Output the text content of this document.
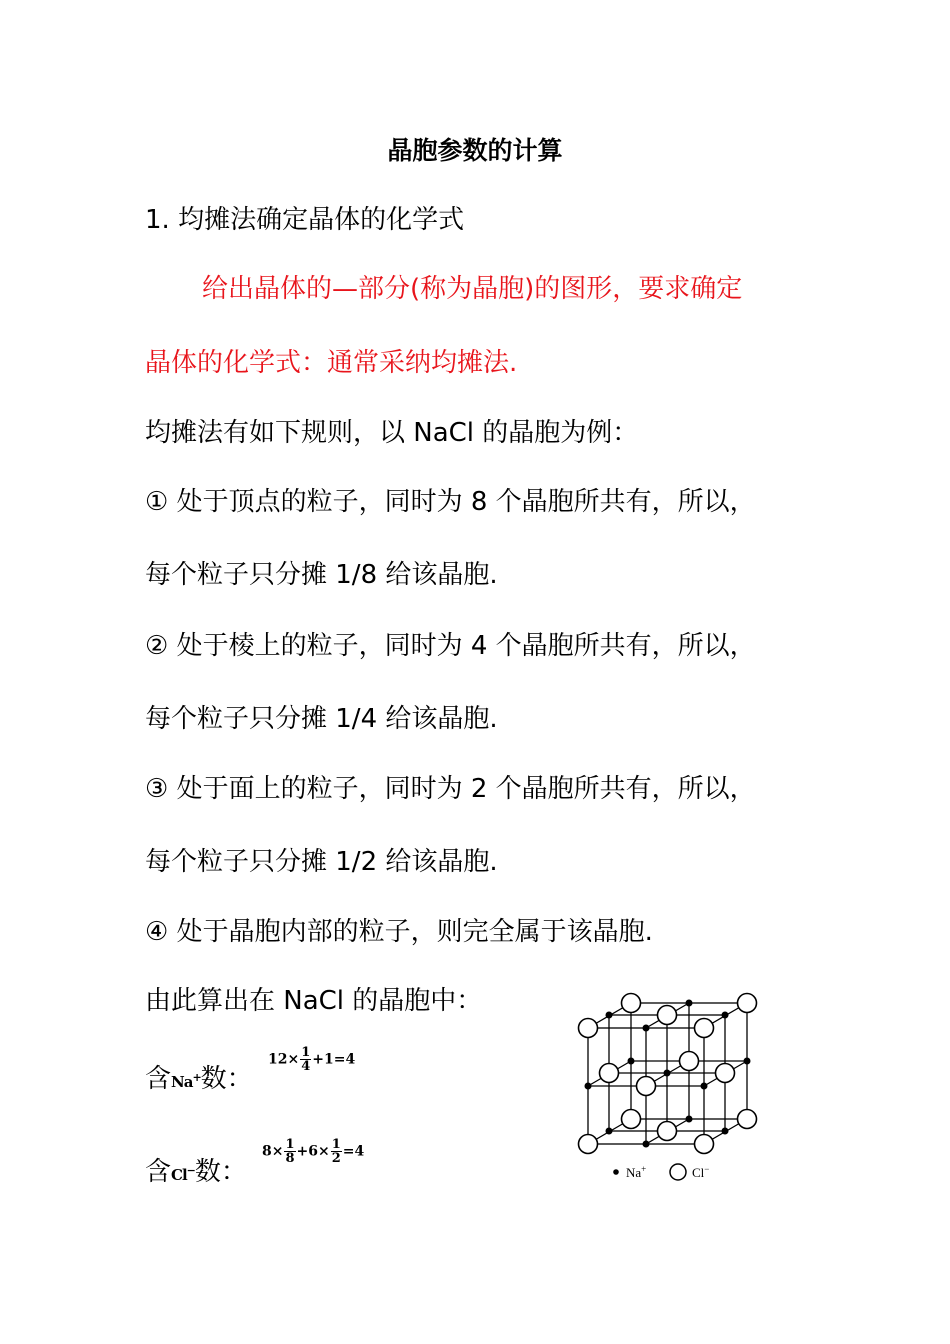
晶胞参数的计算
1. 均摊法确定晶体的化学式
给出晶体的—部分(称为晶胞)的图形，要求确定
晶体的化学式：通常采纳均摊法.
均摊法有如下规则，以 NaCl 的晶胞为例：
① 处于顶点的粒子，同时为 8 个晶胞所共有，所以，
每个粒子只分摊 1/8 给该晶胞.
② 处于棱上的粒子，同时为 4 个晶胞所共有，所以，
每个粒子只分摊 1/4 给该晶胞.
③ 处于面上的粒子，同时为 2 个晶胞所共有，所以，
每个粒子只分摊 1/2 给该晶胞.
④ 处于晶胞内部的粒子，则完全属于该晶胞.
由此算出在 NaCl 的晶胞中：
含Na+数：
$12\times \frac{1}{4} +1=4$
含Cl−数：
$8\times \frac{1}{8} +6\times \frac{1}{2} =4$
Na+	Cl−
